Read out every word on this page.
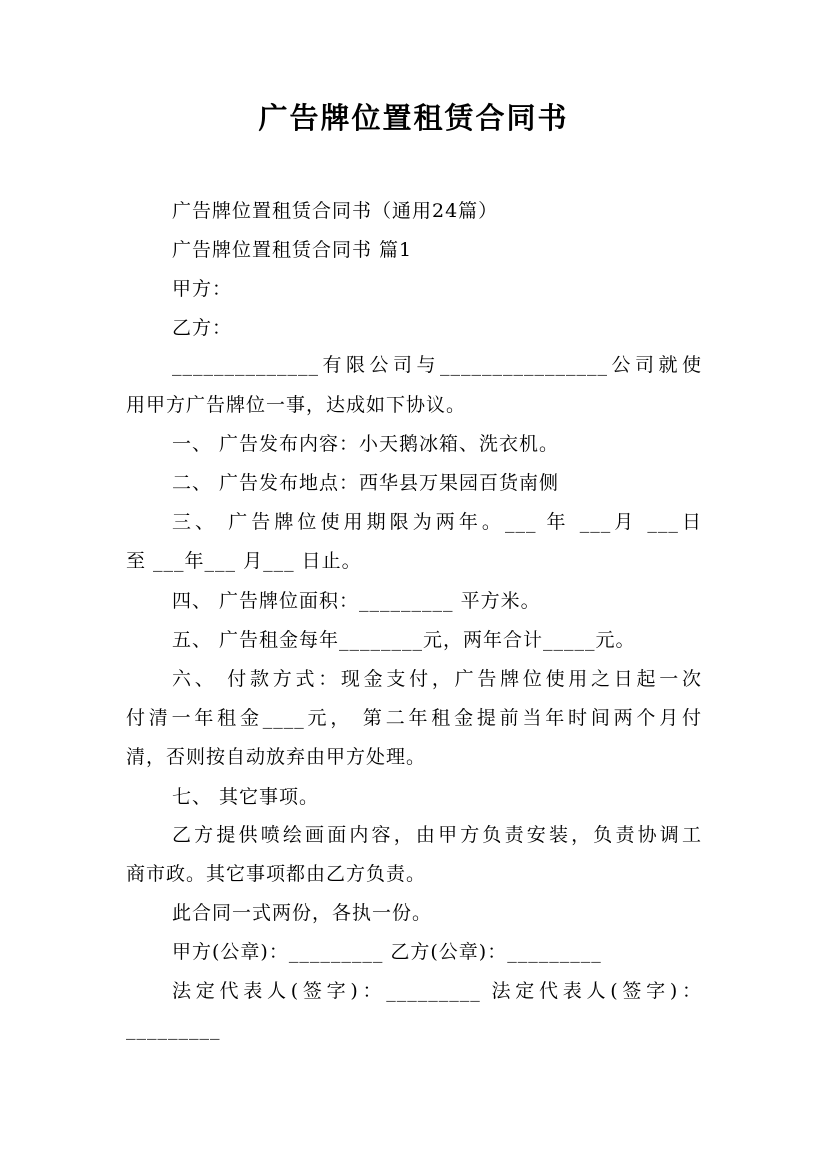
广告牌位置租赁合同书
广告牌位置租赁合同书（通用24篇）
广告牌位置租赁合同书 篇1
甲方：
乙方：
______________有限公司与________________公司就使
用甲方广告牌位一事，达成如下协议。
一、 广告发布内容：小天鹅冰箱、洗衣机。
二、 广告发布地点：西华县万果园百货南侧
三、 广告牌位使用期限为两年。___ 年 ___月 ___日
至 ___年___ 月___ 日止。
四、 广告牌位面积：_________ 平方米。
五、 广告租金每年________元，两年合计_____元。
六、 付款方式：现金支付，广告牌位使用之日起一次
付清一年租金____元， 第二年租金提前当年时间两个月付
清，否则按自动放弃由甲方处理。
七、 其它事项。
乙方提供喷绘画面内容，由甲方负责安装，负责协调工
商市政。其它事项都由乙方负责。
此合同一式两份，各执一份。
甲方(公章)：_________ 乙方(公章)：_________
法定代表人(签字)：_________ 法定代表人(签字)：
_________
